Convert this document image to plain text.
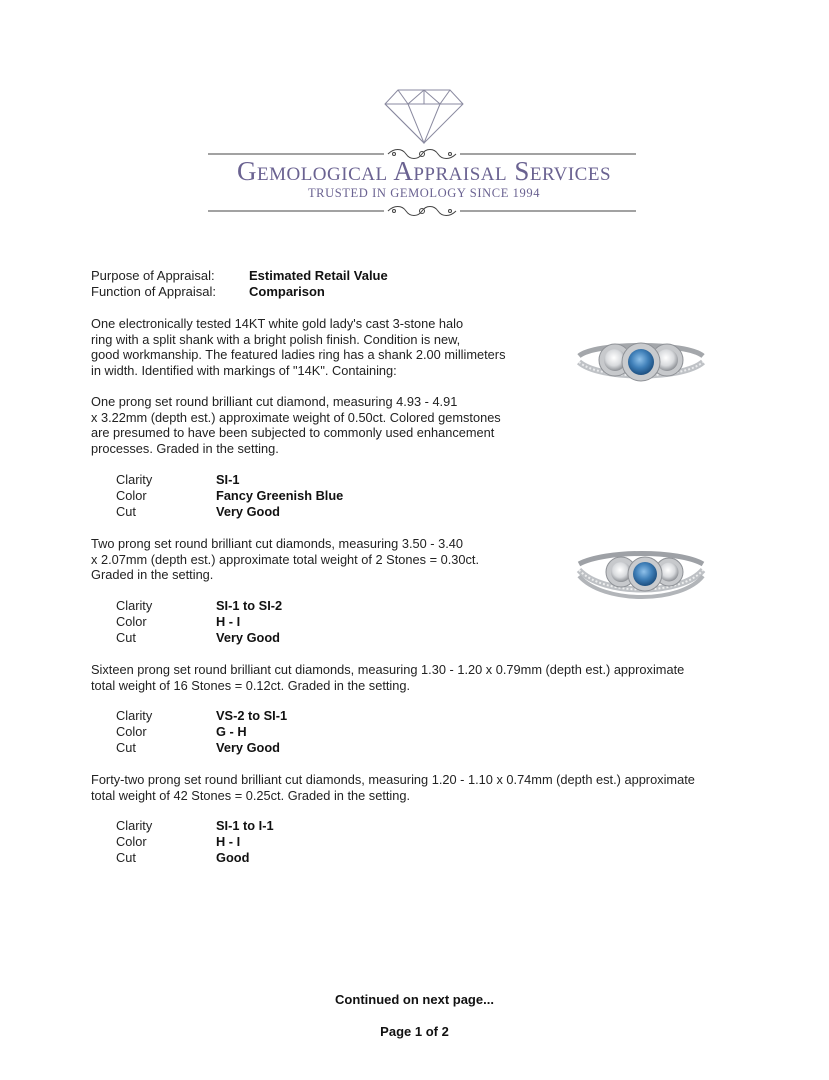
Gemological Appraisal Services
TRUSTED IN GEMOLOGY SINCE 1994
Purpose of Appraisal:	Estimated Retail Value
Function of Appraisal:	Comparison
One electronically tested 14KT white gold lady's cast 3-stone halo
ring with a split shank with a bright polish finish. Condition is new,
good workmanship. The featured ladies ring has a shank 2.00 millimeters
in width. Identified with markings of "14K". Containing:
One prong set round brilliant cut diamond, measuring 4.93 - 4.91
x 3.22mm (depth est.) approximate weight of 0.50ct. Colored gemstones
are presumed to have been subjected to commonly used enhancement
processes. Graded in the setting.
Clarity	SI-1
Color	Fancy Greenish Blue
Cut	Very Good
Two prong set round brilliant cut diamonds, measuring 3.50 - 3.40
x 2.07mm (depth est.) approximate total weight of 2 Stones = 0.30ct.
Graded in the setting.
Clarity	SI-1 to SI-2
Color	H - I
Cut	Very Good
Sixteen prong set round brilliant cut diamonds, measuring 1.30 - 1.20 x 0.79mm (depth est.) approximate
total weight of 16 Stones = 0.12ct. Graded in the setting.
Clarity	VS-2 to SI-1
Color	G - H
Cut	Very Good
Forty-two prong set round brilliant cut diamonds, measuring 1.20 - 1.10 x 0.74mm (depth est.) approximate
total weight of 42 Stones = 0.25ct. Graded in the setting.
Clarity	SI-1 to I-1
Color	H - I
Cut	Good
Continued on next page...
Page 1 of 2
